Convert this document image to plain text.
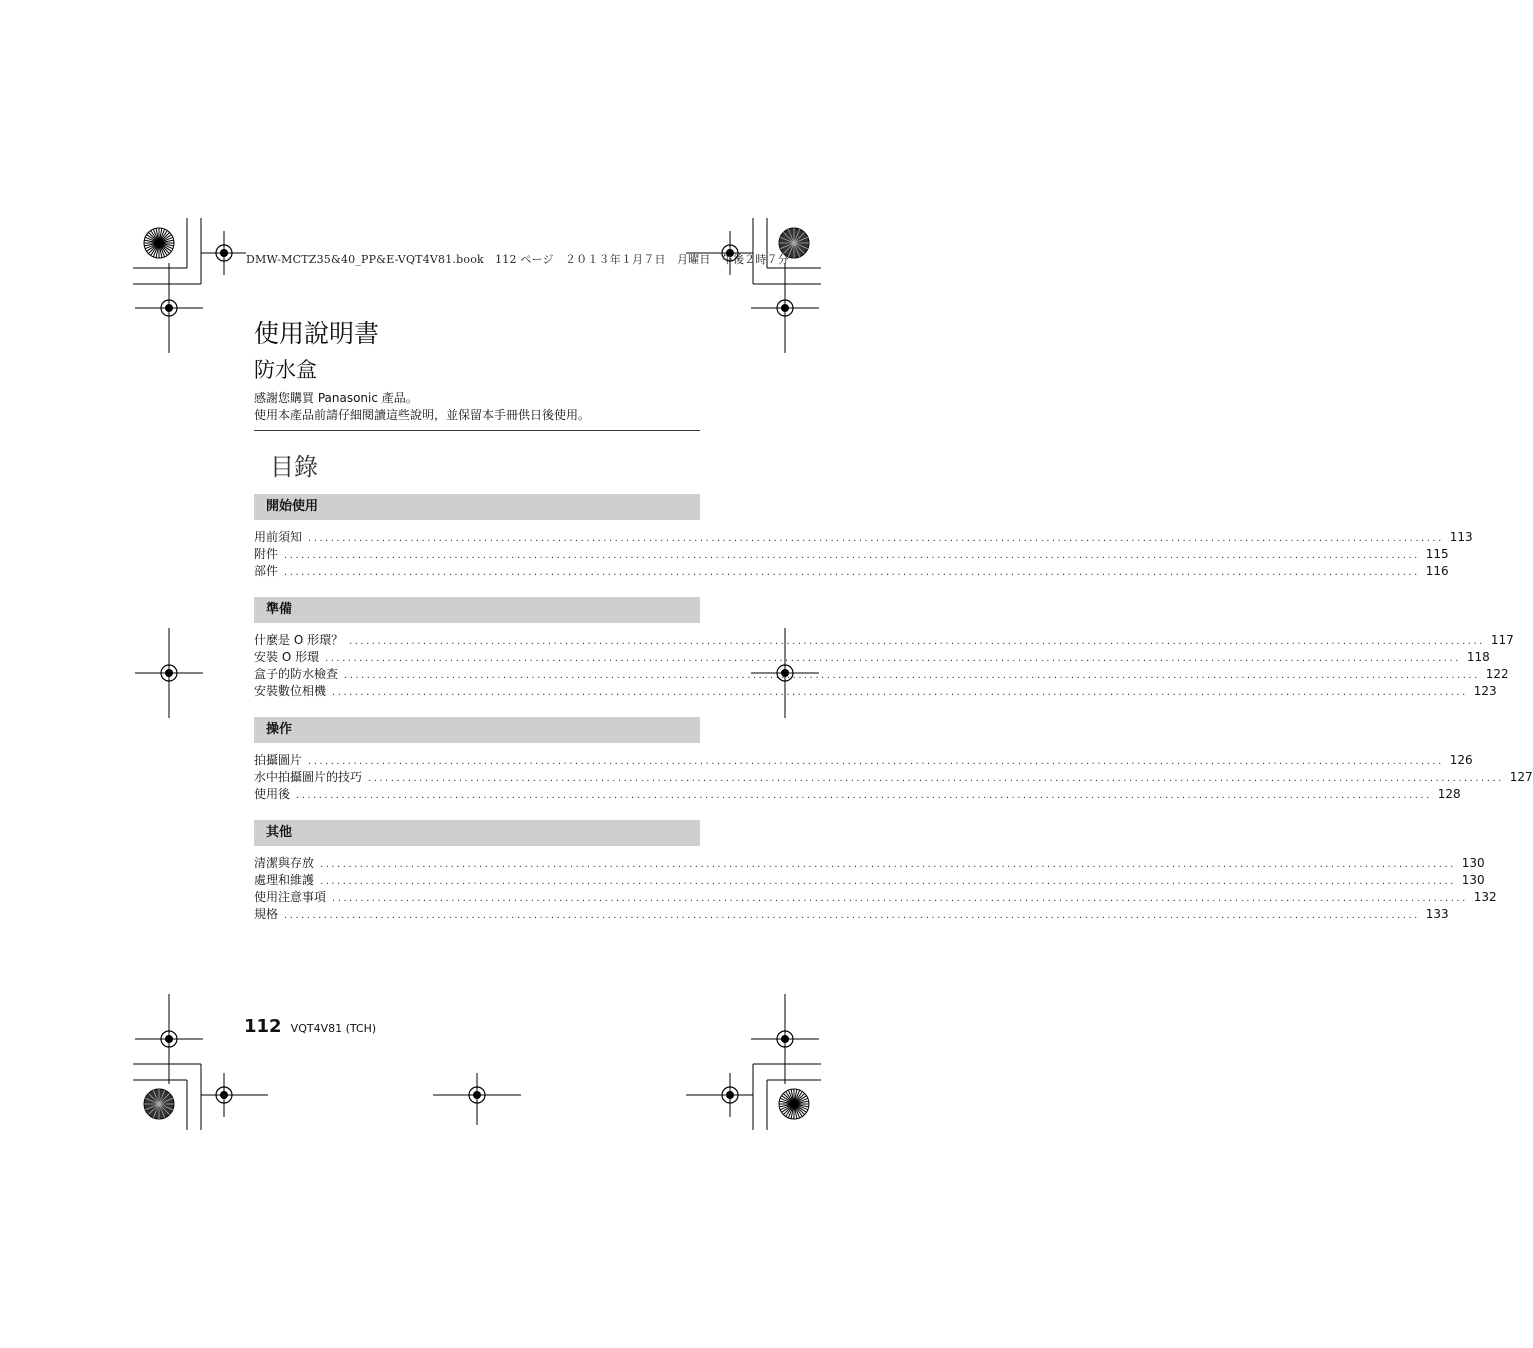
DMW-MCTZ35&40_PP&E-VQT4V81.book　112 ページ　２０１３年１月７日　月曜日　午後２時７分
使用說明書
防水盒
感謝您購買 Panasonic 產品。
使用本產品前請仔細閱讀這些說明，並保留本手冊供日後使用。
目錄
開始使用
用前須知 ........................................................................................................................................................................................................ 113
附件 ........................................................................................................................................................................................................ 115
部件 ........................................................................................................................................................................................................ 116
準備
什麼是 O 形環？ ........................................................................................................................................................................................................ 117
安裝 O 形環 ........................................................................................................................................................................................................ 118
盒子的防水檢查 ........................................................................................................................................................................................................ 122
安裝數位相機 ........................................................................................................................................................................................................ 123
操作
拍攝圖片 ........................................................................................................................................................................................................ 126
水中拍攝圖片的技巧 ........................................................................................................................................................................................................ 127
使用後 ........................................................................................................................................................................................................ 128
其他
清潔與存放 ........................................................................................................................................................................................................ 130
處理和維護 ........................................................................................................................................................................................................ 130
使用注意事項 ........................................................................................................................................................................................................ 132
規格 ........................................................................................................................................................................................................ 133
112 VQT4V81 (TCH)
